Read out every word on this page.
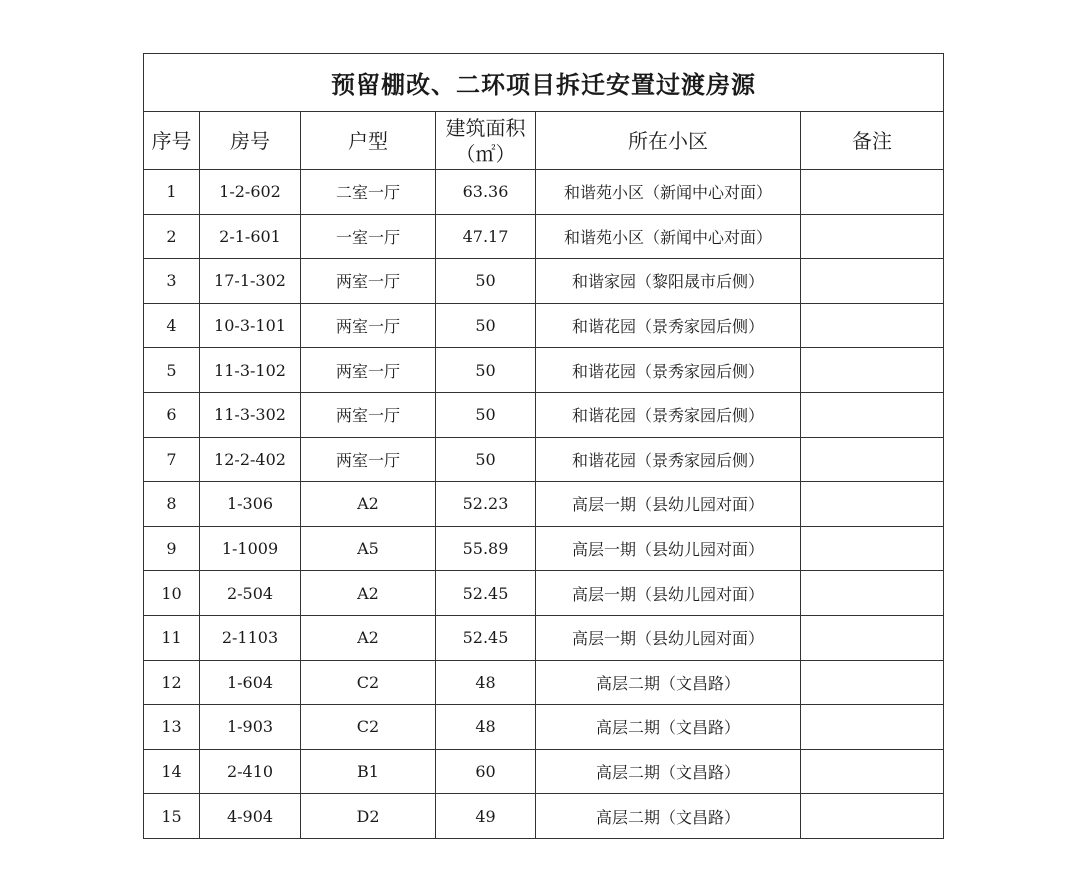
预留棚改、二环项目拆迁安置过渡房源					
序号	房号	户型	建筑面积（㎡）	所在小区	备注
1	1-2-602	二室一厅	63.36	和谐苑小区（新闻中心对面）	
2	2-1-601	一室一厅	47.17	和谐苑小区（新闻中心对面）	
3	17-1-302	两室一厅	50	和谐家园（黎阳晟市后侧）	
4	10-3-101	两室一厅	50	和谐花园（景秀家园后侧）	
5	11-3-102	两室一厅	50	和谐花园（景秀家园后侧）	
6	11-3-302	两室一厅	50	和谐花园（景秀家园后侧）	
7	12-2-402	两室一厅	50	和谐花园（景秀家园后侧）	
8	1-306	A2	52.23	高层一期（县幼儿园对面）	
9	1-1009	A5	55.89	高层一期（县幼儿园对面）	
10	2-504	A2	52.45	高层一期（县幼儿园对面）	
11	2-1103	A2	52.45	高层一期（县幼儿园对面）	
12	1-604	C2	48	高层二期（文昌路）	
13	1-903	C2	48	高层二期（文昌路）	
14	2-410	B1	60	高层二期（文昌路）	
15	4-904	D2	49	高层二期（文昌路）	
